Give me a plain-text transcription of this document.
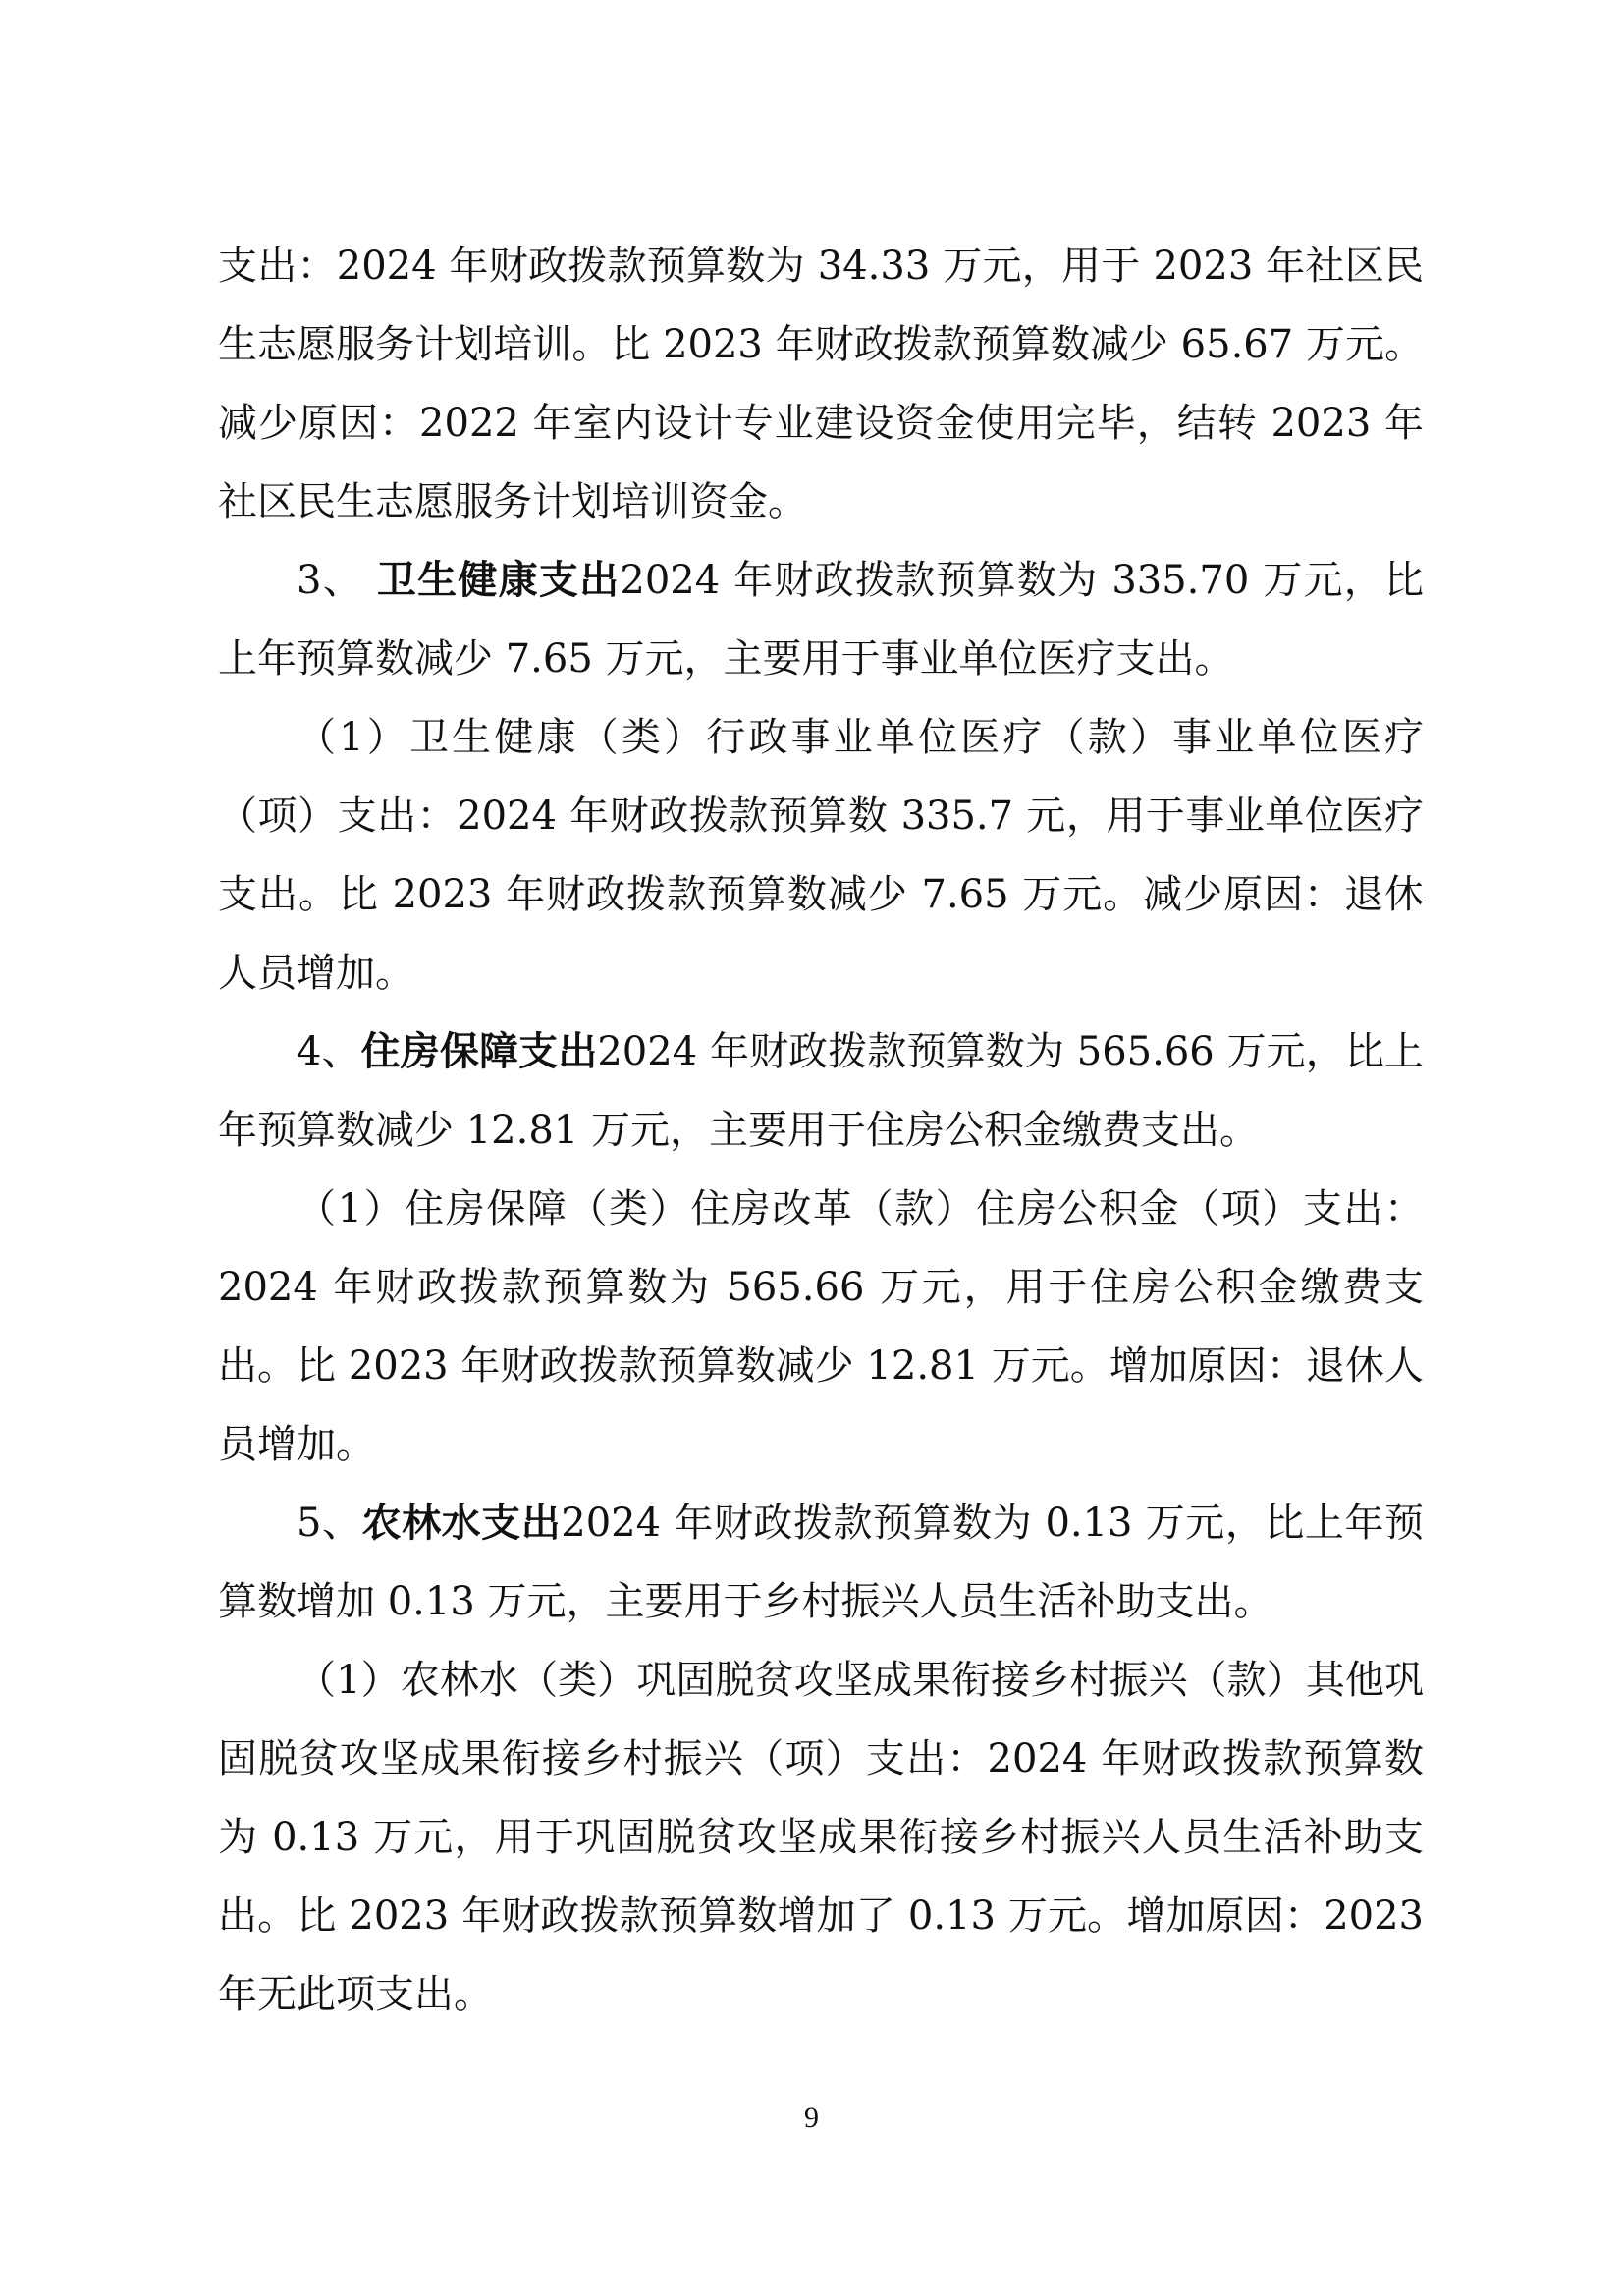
支出：2024 年财政拨款预算数为 34.33 万元，用于 2023 年社区民生志愿服务计划培训。比 2023 年财政拨款预算数减少 65.67 万元。减少原因：2022 年室内设计专业建设资金使用完毕，结转 2023 年社区民生志愿服务计划培训资金。

3、 卫生健康支出2024 年财政拨款预算数为 335.70 万元，比上年预算数减少 7.65 万元，主要用于事业单位医疗支出。

（1）卫生健康（类）行政事业单位医疗（款）事业单位医疗（项）支出：2024 年财政拨款预算数 335.7 元，用于事业单位医疗支出。比 2023 年财政拨款预算数减少 7.65 万元。减少原因：退休人员增加。

4、住房保障支出2024 年财政拨款预算数为 565.66 万元，比上年预算数减少 12.81 万元，主要用于住房公积金缴费支出。

（1）住房保障（类）住房改革（款）住房公积金（项）支出：2024 年财政拨款预算数为 565.66 万元，用于住房公积金缴费支出。比 2023 年财政拨款预算数减少 12.81 万元。增加原因：退休人员增加。

5、农林水支出2024 年财政拨款预算数为 0.13 万元，比上年预算数增加 0.13 万元，主要用于乡村振兴人员生活补助支出。

（1）农林水（类）巩固脱贫攻坚成果衔接乡村振兴（款）其他巩固脱贫攻坚成果衔接乡村振兴（项）支出：2024 年财政拨款预算数为 0.13 万元，用于巩固脱贫攻坚成果衔接乡村振兴人员生活补助支出。比 2023 年财政拨款预算数增加了 0.13 万元。增加原因：2023 年无此项支出。

9
